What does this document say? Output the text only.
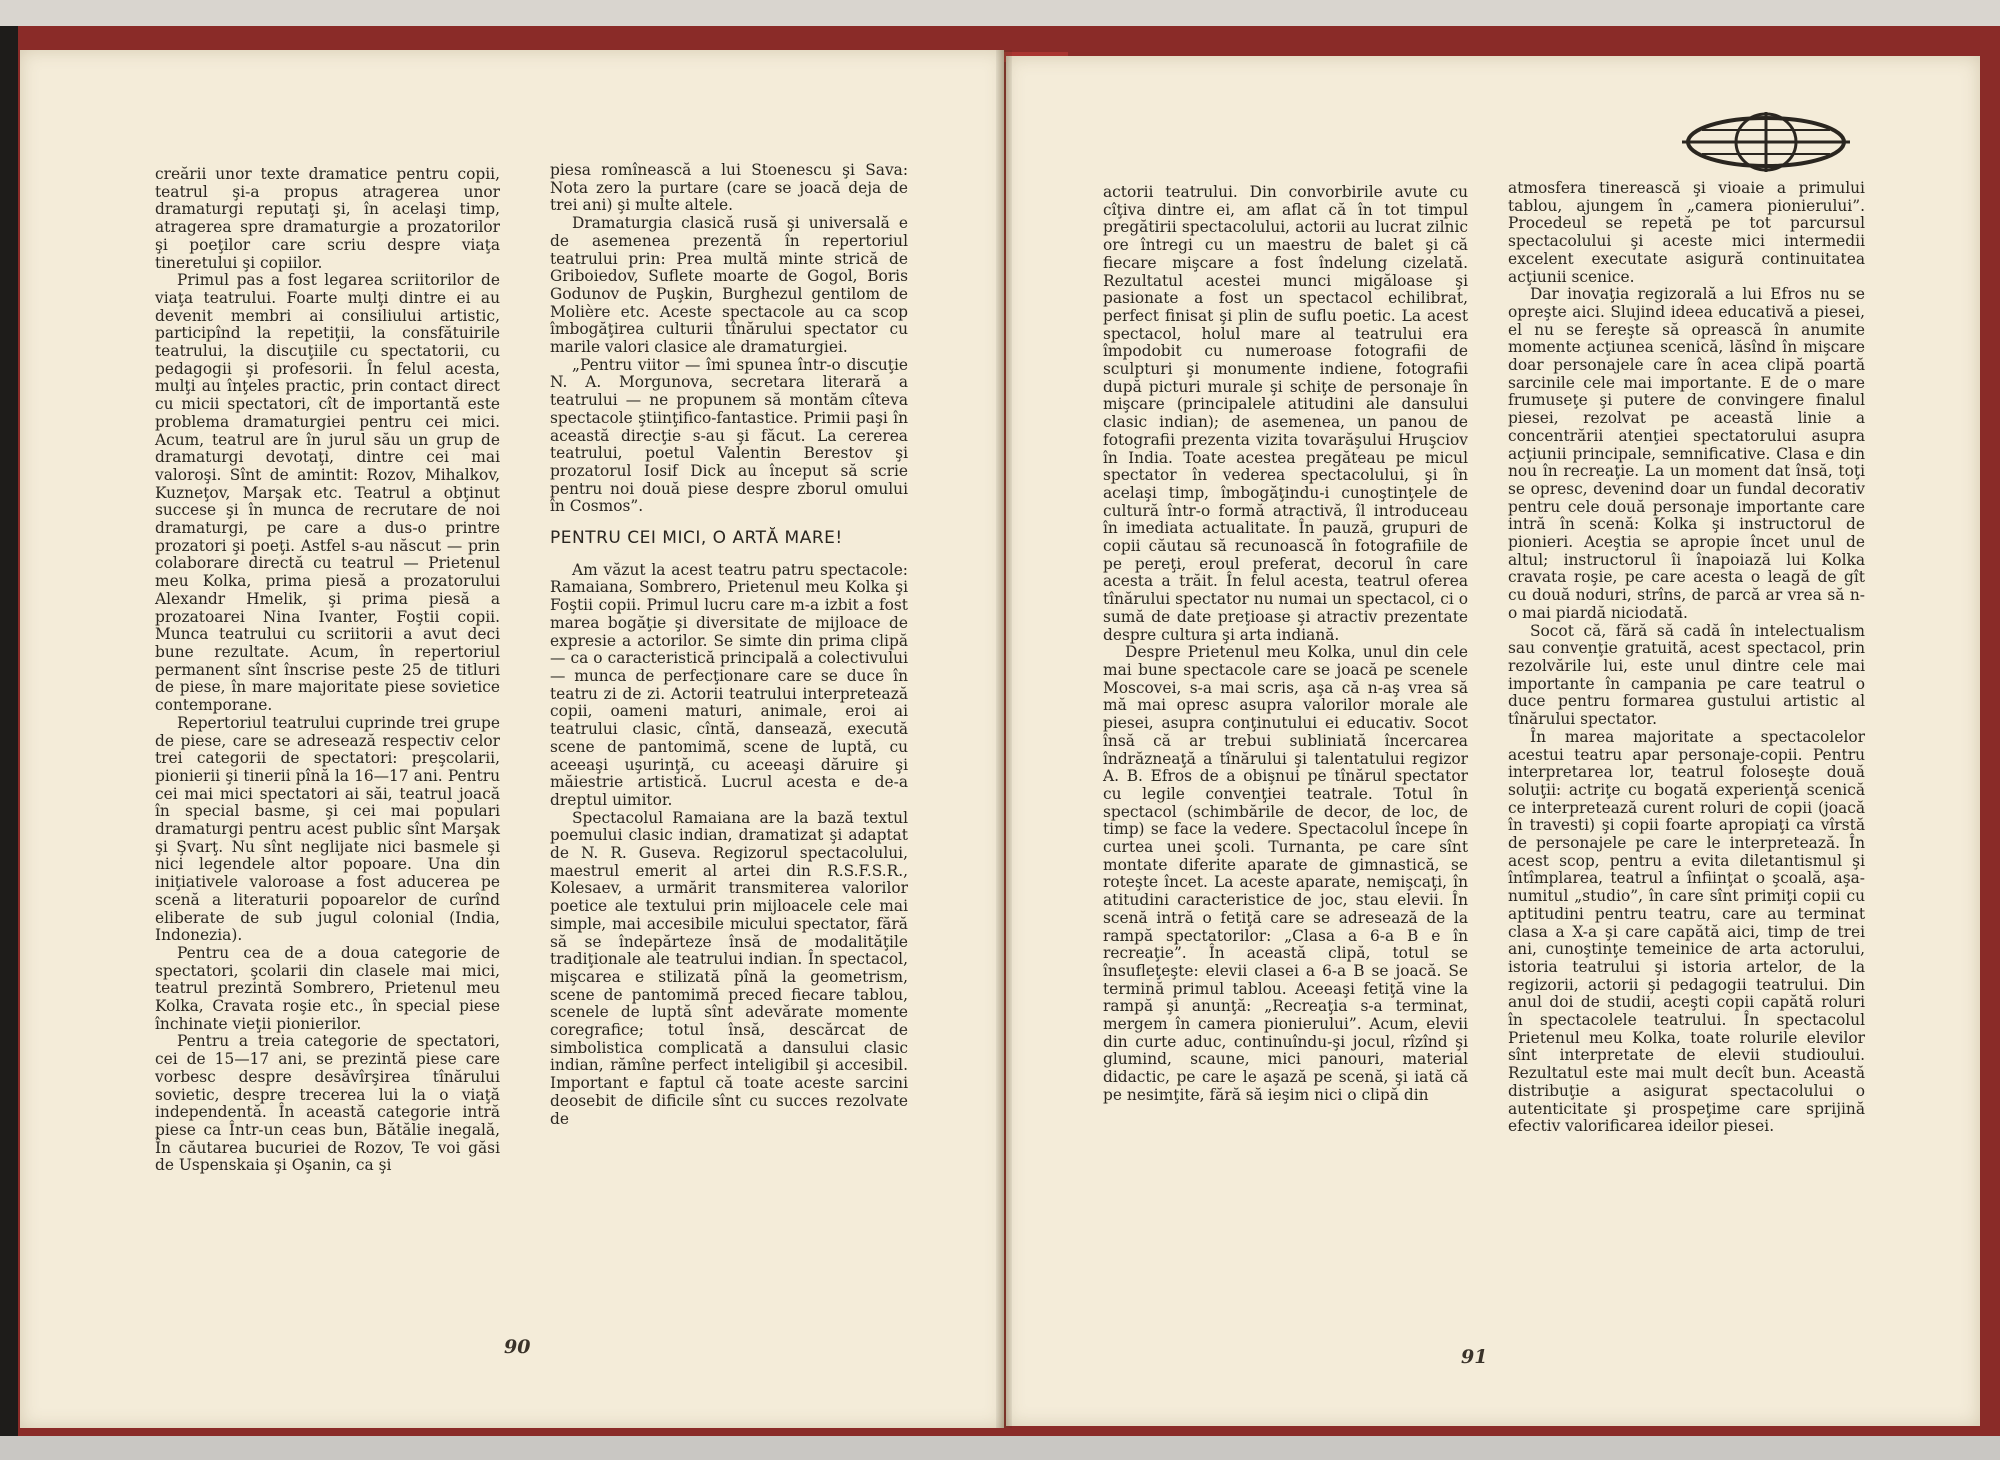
creării unor texte dramatice pentru copii, teatrul şi-a propus atragerea unor dramaturgi reputaţi şi, în acelaşi timp, atragerea spre dramaturgie a prozatorilor şi poeţilor care scriu despre viaţa tineretului şi copiilor.

Primul pas a fost legarea scriitorilor de viaţa teatrului. Foarte mulţi dintre ei au devenit membri ai consiliului artistic, participînd la repetiţii, la consfătuirile teatrului, la discuţiile cu spectatorii, cu pedagogii şi profesorii. În felul acesta, mulţi au înţeles practic, prin contact direct cu micii spectatori, cît de importantă este problema dramaturgiei pentru cei mici. Acum, teatrul are în jurul său un grup de dramaturgi devotaţi, dintre cei mai valoroşi. Sînt de amintit: Rozov, Mihalkov, Kuzneţov, Marşak etc. Teatrul a obţinut succese şi în munca de recrutare de noi dramaturgi, pe care a dus-o printre prozatori şi poeţi. Astfel s-au născut — prin colaborare directă cu teatrul — Prietenul meu Kolka, prima piesă a prozatorului Alexandr Hmelik, şi prima piesă a prozatoarei Nina Ivanter, Foştii copii. Munca teatrului cu scriitorii a avut deci bune rezultate. Acum, în repertoriul permanent sînt înscrise peste 25 de titluri de piese, în mare majoritate piese sovietice contemporane.

Repertoriul teatrului cuprinde trei grupe de piese, care se adresează respectiv celor trei categorii de spectatori: preşcolarii, pionierii şi tinerii pînă la 16—17 ani. Pentru cei mai mici spectatori ai săi, teatrul joacă în special basme, şi cei mai populari dramaturgi pentru acest public sînt Marşak şi Şvarţ. Nu sînt neglijate nici basmele şi nici legendele altor popoare. Una din iniţiativele valoroase a fost aducerea pe scenă a literaturii popoarelor de curînd eliberate de sub jugul colonial (India, Indonezia).

Pentru cea de a doua categorie de spectatori, şcolarii din clasele mai mici, teatrul prezintă Sombrero, Prietenul meu Kolka, Cravata roşie etc., în special piese închinate vieţii pionierilor.

Pentru a treia categorie de spectatori, cei de 15—17 ani, se prezintă piese care vorbesc despre desăvîrşirea tînărului sovietic, despre trecerea lui la o viaţă independentă. În această categorie intră piese ca Într-un ceas bun, Bătălie inegală, În căutarea bucuriei de Rozov, Te voi găsi de Uspenskaia şi Oşanin, ca şi

piesa romînească a lui Stoenescu şi Sava: Nota zero la purtare (care se joacă deja de trei ani) şi multe altele.

Dramaturgia clasică rusă şi universală e de asemenea prezentă în repertoriul teatrului prin: Prea multă minte strică de Griboiedov, Suflete moarte de Gogol, Boris Godunov de Puşkin, Burghezul gentilom de Molière etc. Aceste spectacole au ca scop îmbogăţirea culturii tînărului spectator cu marile valori clasice ale dramaturgiei.

„Pentru viitor — îmi spunea într-o discuţie N. A. Morgunova, secretara literară a teatrului — ne propunem să montăm cîteva spectacole ştiinţifico-fantastice. Primii paşi în această direcţie s-au şi făcut. La cererea teatrului, poetul Valentin Berestov şi prozatorul Iosif Dick au început să scrie pentru noi două piese despre zborul omului în Cosmos”.

PENTRU CEI MICI, O ARTĂ MARE!

Am văzut la acest teatru patru spectacole: Ramaiana, Sombrero, Prietenul meu Kolka şi Foştii copii. Primul lucru care m-a izbit a fost marea bogăţie şi diversitate de mijloace de expresie a actorilor. Se simte din prima clipă — ca o caracteristică principală a colectivului — munca de perfecţionare care se duce în teatru zi de zi. Actorii teatrului interpretează copii, oameni maturi, animale, eroi ai teatrului clasic, cîntă, dansează, execută scene de pantomimă, scene de luptă, cu aceeaşi uşurinţă, cu aceeaşi dăruire şi măiestrie artistică. Lucrul acesta e de-a dreptul uimitor.

Spectacolul Ramaiana are la bază textul poemului clasic indian, dramatizat şi adaptat de N. R. Guseva. Regizorul spectacolului, maestrul emerit al artei din R.S.F.S.R., Kolesaev, a urmărit transmiterea valorilor poetice ale textului prin mijloacele cele mai simple, mai accesibile micului spectator, fără să se îndepărteze însă de modalităţile tradiţionale ale teatrului indian. În spectacol, mişcarea e stilizată pînă la geometrism, scene de pantomimă preced fiecare tablou, scenele de luptă sînt adevărate momente coregrafice; totul însă, descărcat de simbolistica complicată a dansului clasic indian, rămîne perfect inteligibil şi accesibil. Important e faptul că toate aceste sarcini deosebit de dificile sînt cu succes rezolvate de

90

actorii teatrului. Din convorbirile avute cu cîţiva dintre ei, am aflat că în tot timpul pregătirii spectacolului, actorii au lucrat zilnic ore întregi cu un maestru de balet şi că fiecare mişcare a fost îndelung cizelată. Rezultatul acestei munci migăloase şi pasionate a fost un spectacol echilibrat, perfect finisat şi plin de suflu poetic. La acest spectacol, holul mare al teatrului era împodobit cu numeroase fotografii de sculpturi şi monumente indiene, fotografii după picturi murale şi schiţe de personaje în mişcare (principalele atitudini ale dansului clasic indian); de asemenea, un panou de fotografii prezenta vizita tovarăşului Hruşciov în India. Toate acestea pregăteau pe micul spectator în vederea spectacolului, şi în acelaşi timp, îmbogăţindu-i cunoştinţele de cultură într-o formă atractivă, îl introduceau în imediata actualitate. În pauză, grupuri de copii căutau să recunoască în fotografiile de pe pereţi, eroul preferat, decorul în care acesta a trăit. În felul acesta, teatrul oferea tînărului spectator nu numai un spectacol, ci o sumă de date preţioase şi atractiv prezentate despre cultura şi arta indiană.

Despre Prietenul meu Kolka, unul din cele mai bune spectacole care se joacă pe scenele Moscovei, s-a mai scris, aşa că n-aş vrea să mă mai opresc asupra valorilor morale ale piesei, asupra conţinutului ei educativ. Socot însă că ar trebui subliniată încercarea îndrăzneaţă a tînărului şi talentatului regizor A. B. Efros de a obişnui pe tînărul spectator cu legile convenţiei teatrale. Totul în spectacol (schimbările de decor, de loc, de timp) se face la vedere. Spectacolul începe în curtea unei şcoli. Turnanta, pe care sînt montate diferite aparate de gimnastică, se roteşte încet. La aceste aparate, nemişcaţi, în atitudini caracteristice de joc, stau elevii. În scenă intră o fetiţă care se adresează de la rampă spectatorilor: „Clasa a 6-a B e în recreaţie”. În această clipă, totul se însufleţeşte: elevii clasei a 6-a B se joacă. Se termină primul tablou. Aceeaşi fetiţă vine la rampă şi anunţă: „Recreaţia s-a terminat, mergem în camera pionierului”. Acum, elevii din curte aduc, continuîndu-şi jocul, rîzînd şi glumind, scaune, mici panouri, material didactic, pe care le aşază pe scenă, şi iată că pe nesimţite, fără să ieşim nici o clipă din

atmosfera tinerească şi vioaie a primului tablou, ajungem în „camera pionierului”. Procedeul se repetă pe tot parcursul spectacolului şi aceste mici intermedii excelent executate asigură continuitatea acţiunii scenice.

Dar inovaţia regizorală a lui Efros nu se opreşte aici. Slujind ideea educativă a piesei, el nu se fereşte să oprească în anumite momente acţiunea scenică, lăsînd în mişcare doar personajele care în acea clipă poartă sarcinile cele mai importante. E de o mare frumuseţe şi putere de convingere finalul piesei, rezolvat pe această linie a concentrării atenţiei spectatorului asupra acţiunii principale, semnificative. Clasa e din nou în recreaţie. La un moment dat însă, toţi se opresc, devenind doar un fundal decorativ pentru cele două personaje importante care intră în scenă: Kolka şi instructorul de pionieri. Aceştia se apropie încet unul de altul; instructorul îi înapoiază lui Kolka cravata roşie, pe care acesta o leagă de gît cu două noduri, strîns, de parcă ar vrea să n-o mai piardă niciodată.

Socot că, fără să cadă în intelectualism sau convenţie gratuită, acest spectacol, prin rezolvările lui, este unul dintre cele mai importante în campania pe care teatrul o duce pentru formarea gustului artistic al tînărului spectator.

În marea majoritate a spectacolelor acestui teatru apar personaje-copii. Pentru interpretarea lor, teatrul foloseşte două soluţii: actriţe cu bogată experienţă scenică ce interpretează curent roluri de copii (joacă în travesti) şi copii foarte apropiaţi ca vîrstă de personajele pe care le interpretează. În acest scop, pentru a evita diletantismul şi întîmplarea, teatrul a înfiinţat o şcoală, aşa-numitul „studio”, în care sînt primiţi copii cu aptitudini pentru teatru, care au terminat clasa a X-a şi care capătă aici, timp de trei ani, cunoştinţe temeinice de arta actorului, istoria teatrului şi istoria artelor, de la regizorii, actorii şi pedagogii teatrului. Din anul doi de studii, aceşti copii capătă roluri în spectacolele teatrului. În spectacolul Prietenul meu Kolka, toate rolurile elevilor sînt interpretate de elevii studioului. Rezultatul este mai mult decît bun. Această distribuţie a asigurat spectacolului o autenticitate şi prospeţime care sprijină efectiv valorificarea ideilor piesei.

91
